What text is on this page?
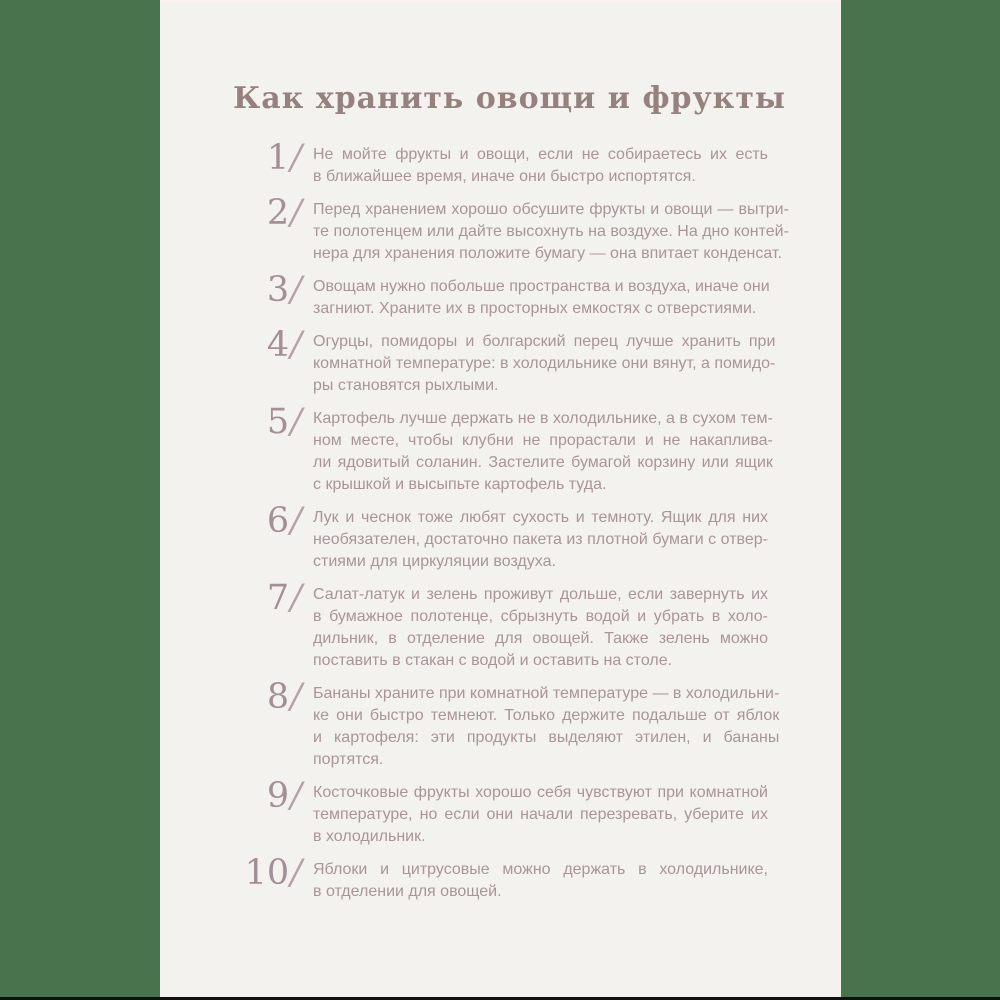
Как хранить овощи и фрукты
1/ Не мойте фрукты и овощи, если не собираетесь их есть
в ближайшее время, иначе они быстро испортятся.
2/ Перед хранением хорошо обсушите фрукты и овощи — вытри-
те полотенцем или дайте высохнуть на воздухе. На дно контей-
нера для хранения положите бумагу — она впитает конденсат.
3/ Овощам нужно побольше пространства и воздуха, иначе они
загниют. Храните их в просторных емкостях с отверстиями.
4/ Огурцы, помидоры и болгарский перец лучше хранить при
комнатной температуре: в холодильнике они вянут, а помидо-
ры становятся рыхлыми.
5/ Картофель лучше держать не в холодильнике, а в сухом тем-
ном месте, чтобы клубни не прорастали и не накаплива-
ли ядовитый соланин. Застелите бумагой корзину или ящик
с крышкой и высыпьте картофель туда.
6/ Лук и чеснок тоже любят сухость и темноту. Ящик для них
необязателен, достаточно пакета из плотной бумаги с отвер-
стиями для циркуляции воздуха.
7/ Салат-латук и зелень проживут дольше, если завернуть их
в бумажное полотенце, сбрызнуть водой и убрать в холо-
дильник, в отделение для овощей. Также зелень можно
поставить в стакан с водой и оставить на столе.
8/ Бананы храните при комнатной температуре — в холодильни-
ке они быстро темнеют. Только держите подальше от яблок
и картофеля: эти продукты выделяют этилен, и бананы
портятся.
9/ Косточковые фрукты хорошо себя чувствуют при комнатной
температуре, но если они начали перезревать, уберите их
в холодильник.
10/ Яблоки и цитрусовые можно держать в холодильнике,
в отделении для овощей.
